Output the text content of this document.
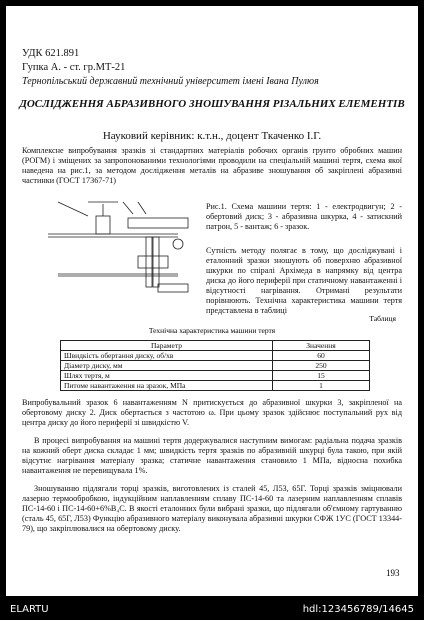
УДК 621.891
Гупка А. - ст. гр.МТ-21
Тернопільський державний технічний університет імені Івана Пулюя
ДОСЛІДЖЕННЯ АБРАЗИВНОГО ЗНОШУВАННЯ РІЗАЛЬНИХ ЕЛЕМЕНТІВ
Науковий керівник: к.т.н., доцент Ткаченко І.Г.
Комплексне випробування зразків зі стандартних матеріалів робочих органів грунто обробних машин (РОГМ) і зміщених за запропонованими технологіями проводили на спеціальній машині тертя, схема якої наведена на рис.1, за методом дослідження металів на абразиве зношування об закріплені абразивні частинки (ГОСТ 17367-71)
Рис.1. Схема машини тертя: 1 - електродвигун; 2 - обертовий диск; 3 - абразивна шкурка, 4 - затискний патрон, 5 - вантаж; 6 - зразок.
Сутність методу полягає в тому, що досліджувані і еталонний зразки зношують об поверхню абразивної шкурки по спіралі Архімеда в напрямку від центра диска до його периферії при статичному навантаженні і відсутності нагрівання. Отримані результати порівнюють. Технічна характеристика машини тертя представлена в таблиці
Таблиця
Технічна характеристика машини тертя
Параметр	Значення
Швидкість обертання диску, об/хв	60
Діаметр диску, мм	250
Шлях тертя, м	15
Питоме навантаження на зразок, МПа	1
Випробувальний зразок 6 навантаженням N притискується до абразивної шкурки 3, закріпленої на обертовому диску 2. Диск обертається з частотою ω. При цьому зразок здійснює поступальний рух від центра диску до його периферії зі швидкістю V.
В процесі випробування на машині тертя додержувалися наступним вимогам: радіальна подача зразків на кожний оберт диска складає 1 мм; швидкість тертя зразків по абразивній шкурці була такою, при якій відсутнє нагрівання матеріалу зразка; статичне навантаження становило 1 МПа, відносна похибка навантаження не перевищувала 1%.
Зношуванню підлягали торці зразків, виготовлених із сталей 45, Л53, 65Г. Торці зразків зміцнювали лазерно термообробкою, індукційним наплавленням сплаву ПС-14-60 та лазерним наплавленням сплавів ПС-14-60 і ПС-14-60+6%B₄C. В якості еталонних були вибрані зразки, що підлягали об'ємному гартуванню (сталь 45, 65Г, Л53) Функцію абразивного матеріалу виконувала абразивні шкурки СФЖ 1УС (ГОСТ 13344-79), що закріплювалися на обертовому диску.
193
ELARTU	hdl:123456789/14645
